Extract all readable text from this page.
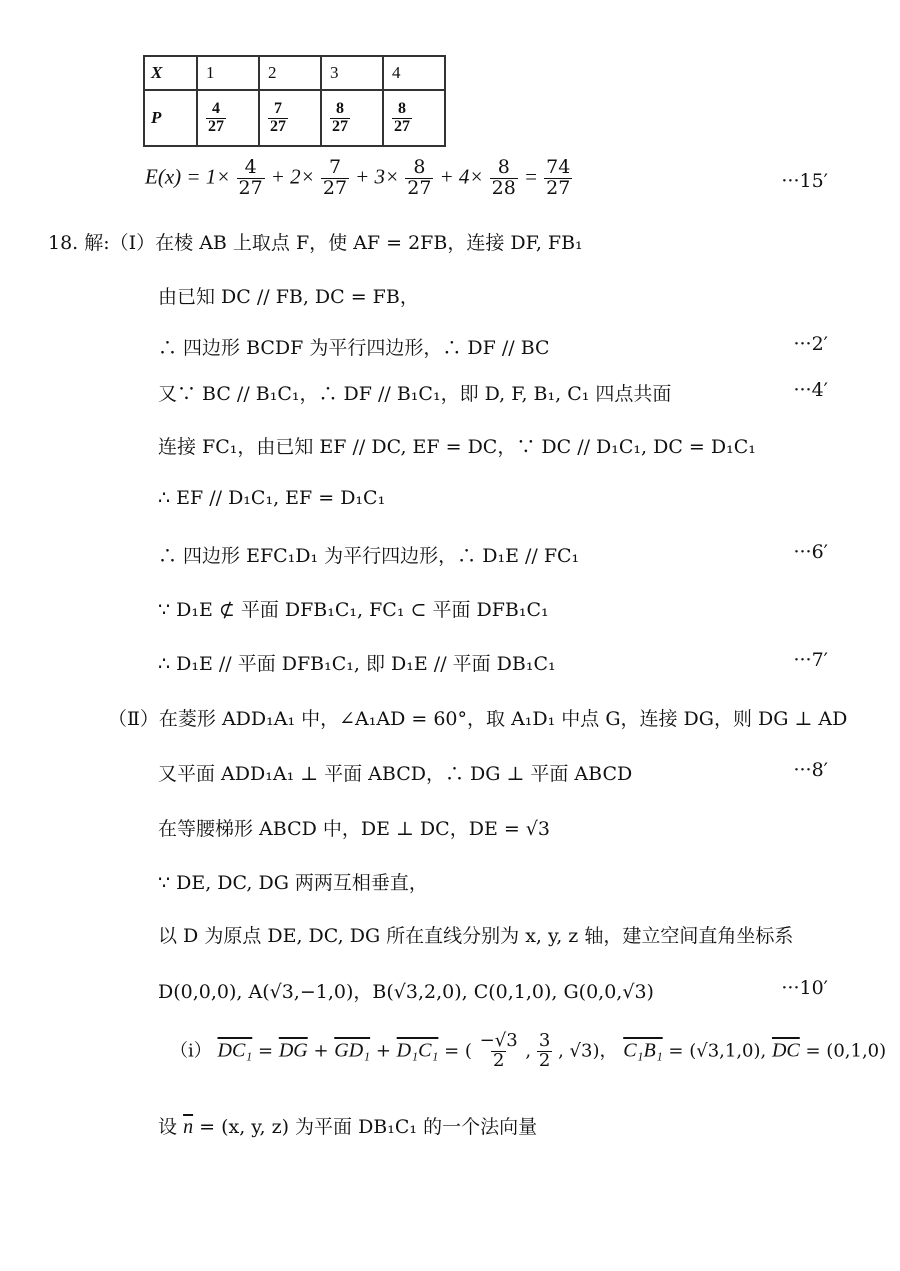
X	1	2	3	4
P	$\frac{4}{27}$	$\frac{7}{27}$	$\frac{8}{27}$	$\frac{8}{27}$
$E(x) = 1\times \frac{4}{27} + 2\times \frac{7}{27} + 3\times \frac{8}{27} + 4\times \frac{8}{28} = \frac{74}{27}$	···15′
18. 解:（Ⅰ）在棱 AB 上取点 F，使 AF = 2FB，连接 DF, FB₁
由已知 DC // FB, DC = FB，
∴ 四边形 BCDF 为平行四边形，∴ DF // BC	···2′
又∵ BC // B₁C₁，∴ DF // B₁C₁，即 D, F, B₁, C₁ 四点共面	···4′
连接 FC₁，由已知 EF // DC, EF = DC，∵ DC // D₁C₁, DC = D₁C₁
∴ EF // D₁C₁, EF = D₁C₁
∴ 四边形 EFC₁D₁ 为平行四边形，∴ D₁E // FC₁	···6′
∵ D₁E ⊄ 平面 DFB₁C₁, FC₁ ⊂ 平面 DFB₁C₁
∴ D₁E // 平面 DFB₁C₁, 即 D₁E // 平面 DB₁C₁	···7′
（Ⅱ）在菱形 ADD₁A₁ 中，∠A₁AD = 60°，取 A₁D₁ 中点 G，连接 DG，则 DG ⊥ AD
又平面 ADD₁A₁ ⊥ 平面 ABCD，∴ DG ⊥ 平面 ABCD	···8′
在等腰梯形 ABCD 中，DE ⊥ DC，DE = √3
∵ DE, DC, DG 两两互相垂直，
以 D 为原点 DE, DC, DG 所在直线分别为 x, y, z 轴，建立空间直角坐标系
D(0,0,0), A(√3,−1,0)，B(√3,2,0), C(0,1,0), G(0,0,√3)	···10′
（ⅰ） $DC_1 = \overline{DG} + GD_1 + D_1C_1$ = ( $\frac{-√3}{2}$ , $\frac{3}{2}$ , √3)， C₁B₁ = (√3,1,0), $\overline{DC} = (0,1,0)$
设 $\overline{n} = (x$, y, z) 为平面 DB₁C₁ 的一个法向量
